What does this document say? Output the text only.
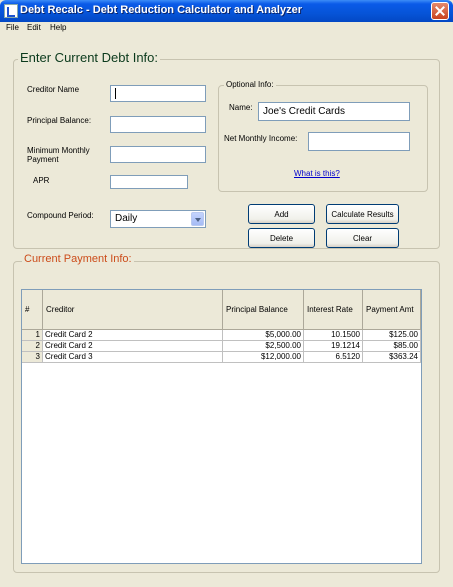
Debt Recalc - Debt Reduction Calculator and Analyzer
File Edit Help
Enter Current Debt Info:
Creditor Name
Principal Balance:
Minimum Monthly
Payment
APR
Compound Period:	Daily
Optional Info:
Name:	Joe's Credit Cards
Net Monthly Income:
What is this?
Add	Calculate Results
Delete	Clear
Current Payment Info:
#	Creditor	Principal Balance	Interest Rate	Payment Amt
1 Credit Card 2	$5,000.00	10.1500	$125.00
2 Credit Card 2	$2,500.00	19.1214	$85.00
3 Credit Card 3	$12,000.00	6.5120	$363.24
